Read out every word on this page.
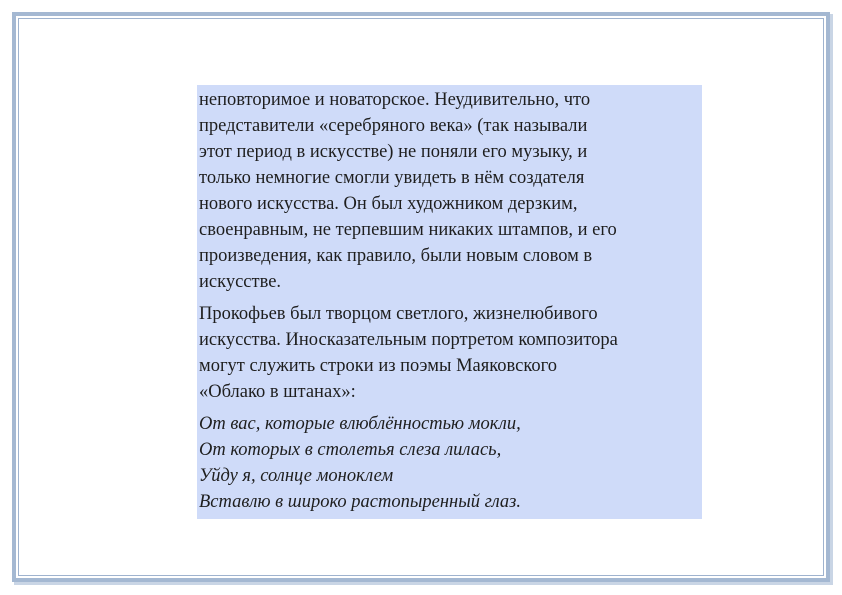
неповторимое и новаторское. Неудивительно, что
представители «серебряного века» (так называли
этот период в искусстве) не поняли его музыку, и
только немногие смогли увидеть в нём создателя
нового искусства. Он был художником дерзким,
своенравным, не терпевшим никаких штампов, и его
произведения, как правило, были новым словом в
искусстве.

Прокофьев был творцом светлого, жизнелюбивого
искусства. Иносказательным портретом композитора
могут служить строки из поэмы Маяковского
«Облако в штанах»:

От вас, которые влюблённостью мокли,
От которых в столетья слеза лилась,
Уйду я, солнце моноклем
Вставлю в широко растопыренный глаз.
